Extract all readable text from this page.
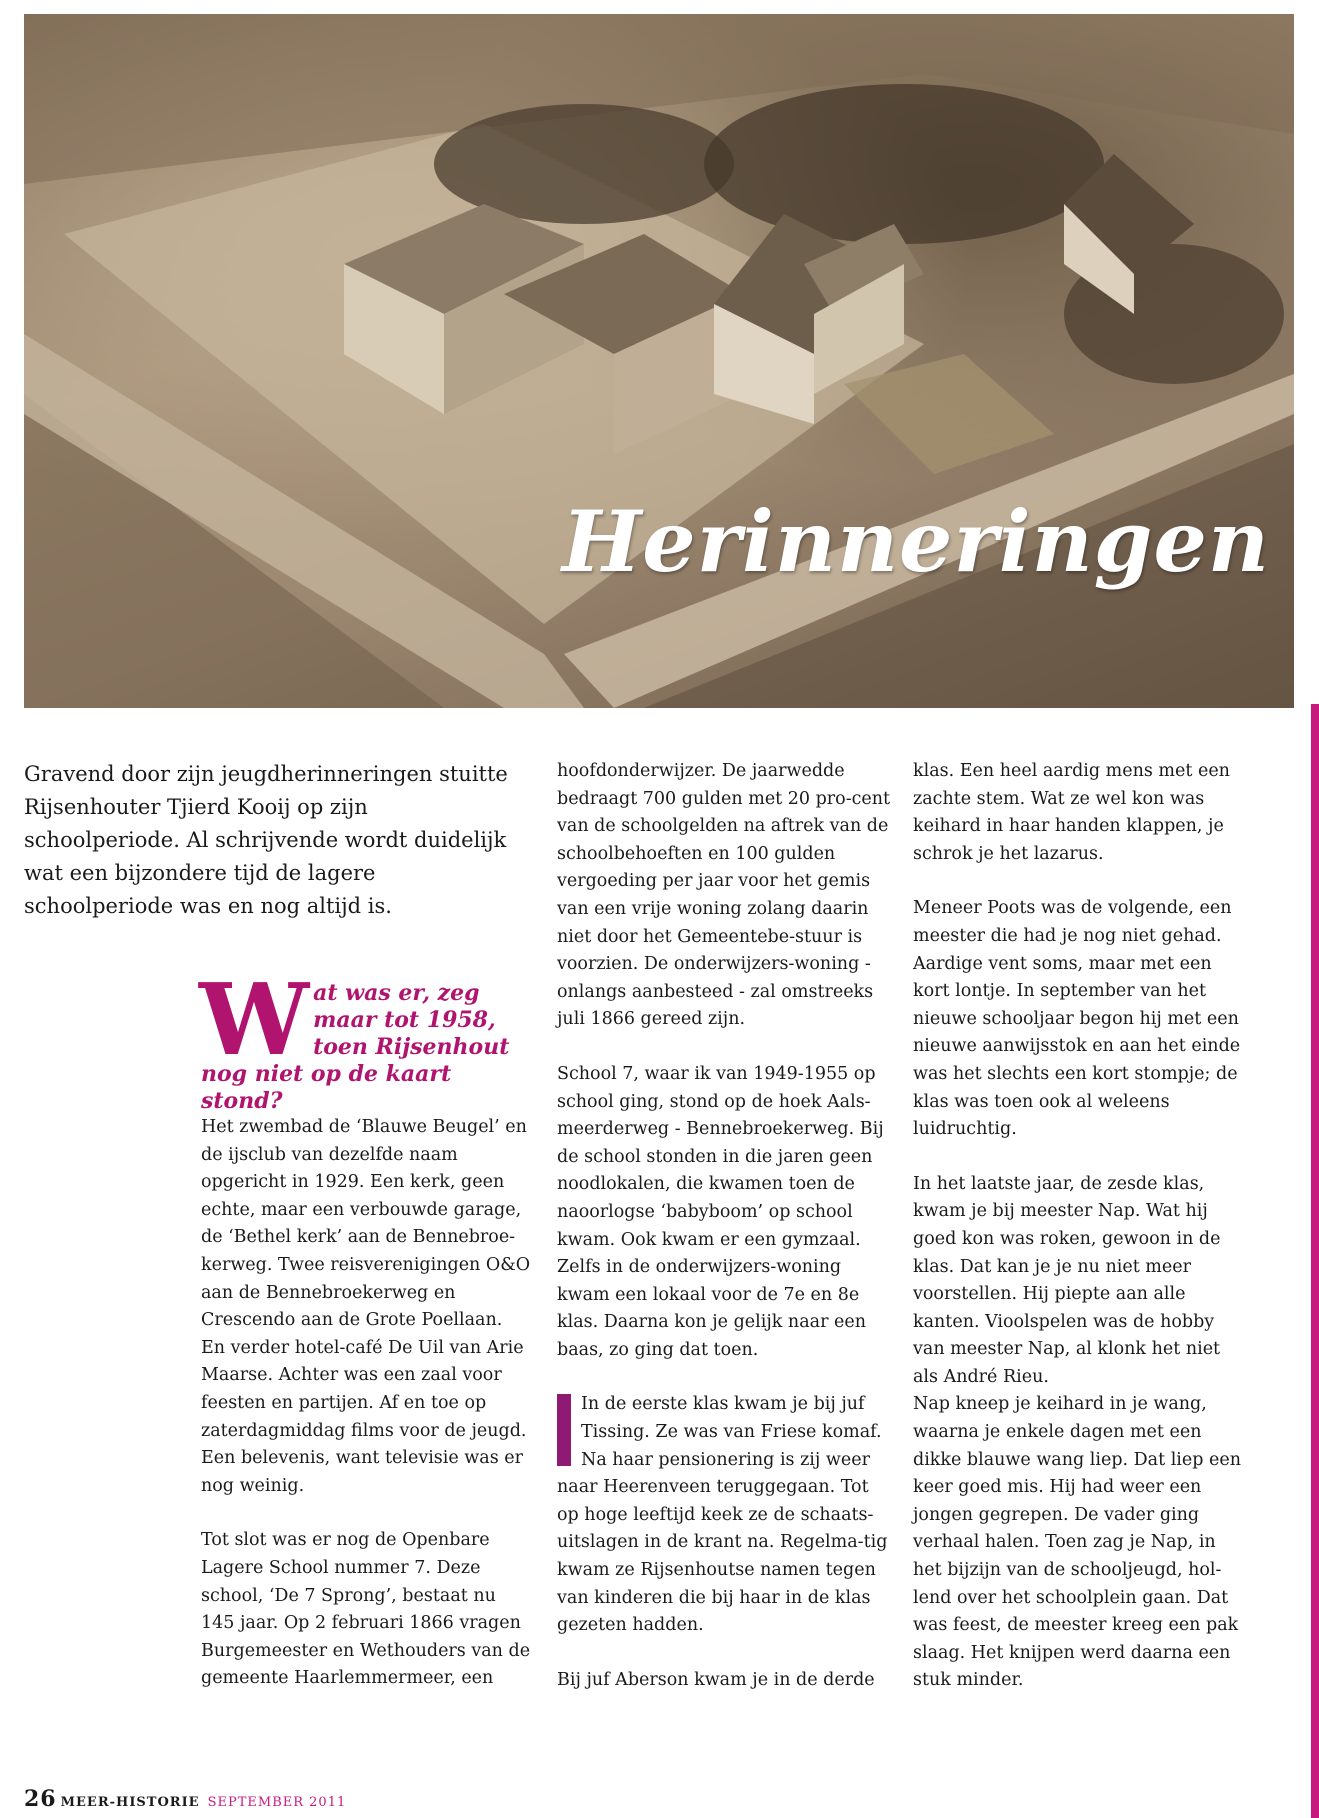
Herinneringen

Gravend door zijn jeugdherinneringen stuitte Rijsenhouter Tjierd Kooij op zijn schoolperiode. Al schrijvende wordt duidelijk wat een bijzondere tijd de lagere schoolperiode was en nog altijd is.

Wat was er, zeg maar tot 1958, toen Rijsenhout nog niet op de kaart stond?

Het zwembad de ‘Blauwe Beugel’ en de ijsclub van dezelfde naam opgericht in 1929. Een kerk, geen echte, maar een verbouwde garage, de ‘Bethel kerk’ aan de Bennebroe-kerweg. Twee reisverenigingen O&O aan de Bennebroekerweg en Crescendo aan de Grote Poellaan. En verder hotel-café De Uil van Arie Maarse. Achter was een zaal voor feesten en partijen. Af en toe op zaterdagmiddag films voor de jeugd. Een belevenis, want televisie was er nog weinig.

Tot slot was er nog de Openbare Lagere School nummer 7. Deze school, ‘De 7 Sprong’, bestaat nu 145 jaar. Op 2 februari 1866 vragen Burgemeester en Wethouders van de gemeente Haarlemmermeer, een

hoofdonderwijzer. De jaarwedde bedraagt 700 gulden met 20 pro-cent van de schoolgelden na aftrek van de schoolbehoeften en 100 gulden vergoeding per jaar voor het gemis van een vrije woning zolang daarin niet door het Gemeentebe-stuur is voorzien. De onderwijzers-woning - onlangs aanbesteed - zal omstreeks juli 1866 gereed zijn.

School 7, waar ik van 1949-1955 op school ging, stond op de hoek Aals-meerderweg - Bennebroekerweg. Bij de school stonden in die jaren geen noodlokalen, die kwamen toen de naoorlogse ‘babyboom’ op school kwam. Ook kwam er een gymzaal. Zelfs in de onderwijzers-woning kwam een lokaal voor de 7e en 8e klas. Daarna kon je gelijk naar een baas, zo ging dat toen.

In de eerste klas kwam je bij juf Tissing. Ze was van Friese komaf. Na haar pensionering is zij weer naar Heerenveen teruggegaan. Tot op hoge leeftijd keek ze de schaats-uitslagen in de krant na. Regelma-tig kwam ze Rijsenhoutse namen tegen van kinderen die bij haar in de klas gezeten hadden.

Bij juf Aberson kwam je in de derde

klas. Een heel aardig mens met een zachte stem. Wat ze wel kon was keihard in haar handen klappen, je schrok je het lazarus.

Meneer Poots was de volgende, een meester die had je nog niet gehad. Aardige vent soms, maar met een kort lontje. In september van het nieuwe schooljaar begon hij met een nieuwe aanwijsstok en aan het einde was het slechts een kort stompje; de klas was toen ook al weleens luidruchtig.

In het laatste jaar, de zesde klas, kwam je bij meester Nap. Wat hij goed kon was roken, gewoon in de klas. Dat kan je je nu niet meer voorstellen. Hij piepte aan alle kanten. Vioolspelen was de hobby van meester Nap, al klonk het niet als André Rieu.

Nap kneep je keihard in je wang, waarna je enkele dagen met een dikke blauwe wang liep. Dat liep een keer goed mis. Hij had weer een jongen gegrepen. De vader ging verhaal halen. Toen zag je Nap, in het bijzijn van de schooljeugd, hol-lend over het schoolplein gaan. Dat was feest, de meester kreeg een pak slaag. Het knijpen werd daarna een stuk minder.

26 MEER-HISTORIE SEPTEMBER 2011
